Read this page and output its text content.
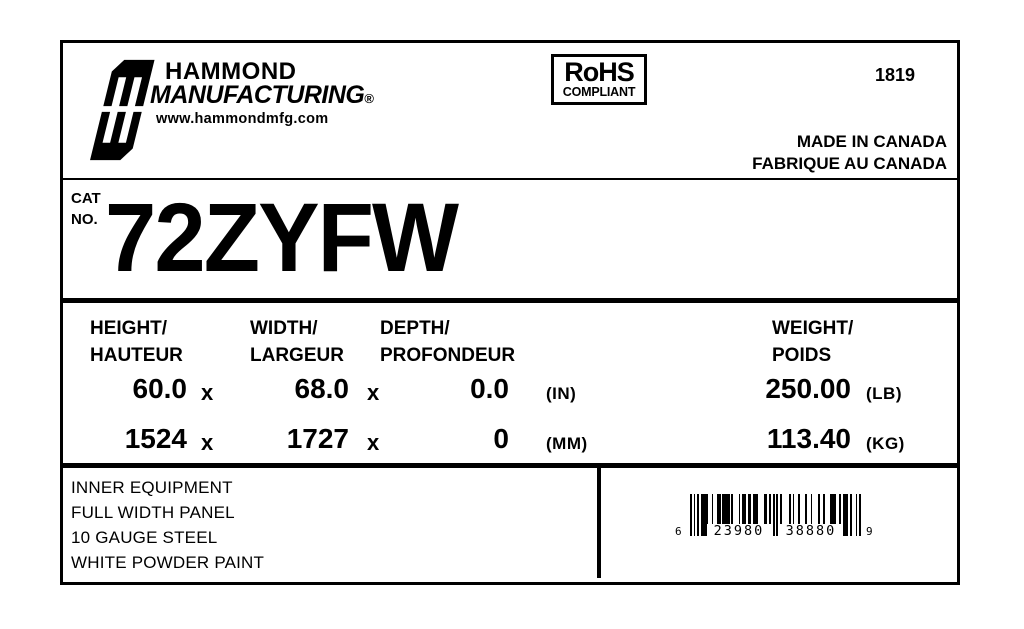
HAMMOND
MANUFACTURING®
www.hammondmfg.com
RoHS
COMPLIANT
1819
MADE IN CANADA
FABRIQUE AU CANADA
CAT
NO. 72ZYFW
HEIGHT/
HAUTEUR
WIDTH/
LARGEUR
DEPTH/
PROFONDEUR
WEIGHT/
POIDS
60.0 x	68.0 x	0.0 (IN)	250.00 (LB)
1524 x	1727 x	0 (MM)	113.40 (KG)
INNER EQUIPMENT
FULL WIDTH PANEL
10 GAUGE STEEL
WHITE POWDER PAINT
6	23980	38880	9
